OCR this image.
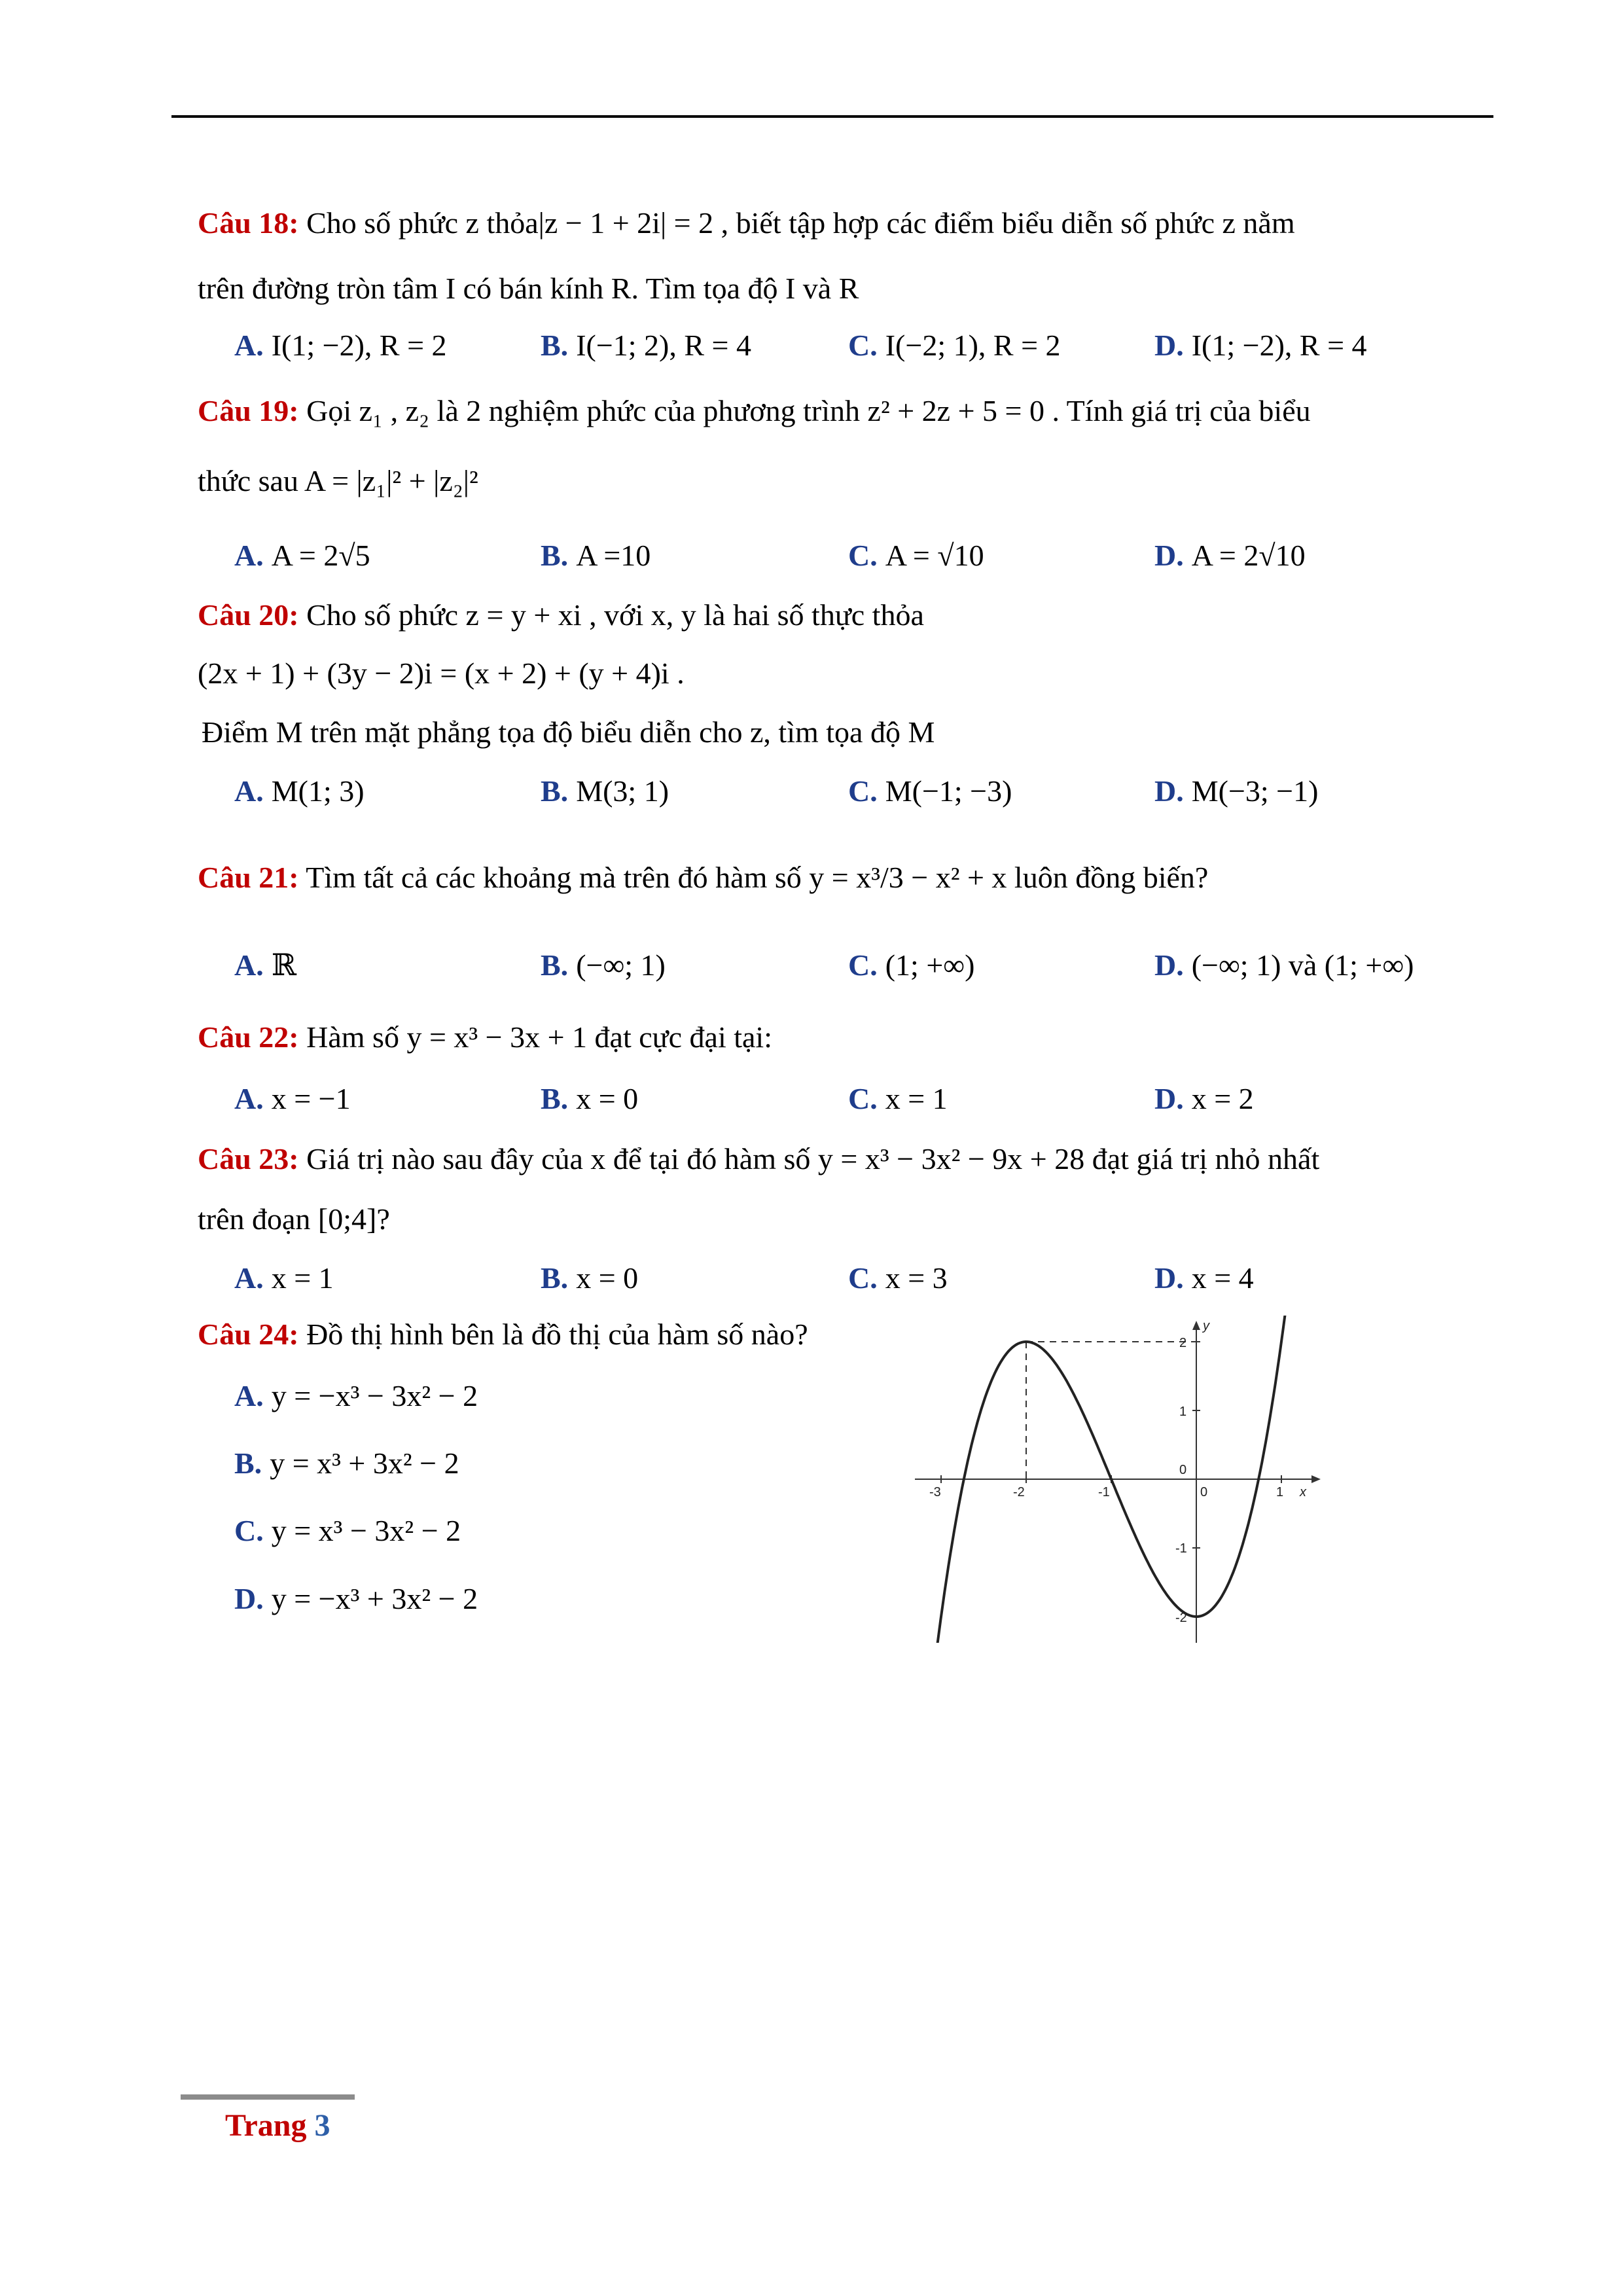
Câu 18: Cho số phức z thỏa|z − 1 + 2i| = 2 , biết tập hợp các điểm biểu diễn số phức z nằm
trên đường tròn tâm I có bán kính R. Tìm tọa độ I và R
A. I(1; −2), R = 2	B. I(−1; 2), R = 4	C. I(−2; 1), R = 2	D. I(1; −2), R = 4
Câu 19: Gọi z₁ , z₂ là 2 nghiệm phức của phương trình z² + 2z + 5 = 0 . Tính giá trị của biểu
thức sau A = |z₁|² + |z₂|²
A. A = 2√5	B. A =10	C. A = √10	D. A = 2√10
Câu 20: Cho số phức z = y + xi , với x, y là hai số thực thỏa
(2x + 1) + (3y − 2)i = (x + 2) + (y + 4)i .
Điểm M trên mặt phẳng tọa độ biểu diễn cho z, tìm tọa độ M
A. M(1; 3)	B. M(3; 1)	C. M(−1; −3)	D. M(−3; −1)
Câu 21: Tìm tất cả các khoảng mà trên đó hàm số y = x³/3 − x² + x luôn đồng biến?
A. ℝ	B. (−∞; 1)	C. (1; +∞)	D. (−∞; 1) và (1; +∞)
Câu 22: Hàm số y = x³ − 3x + 1 đạt cực đại tại:
A. x = −1	B. x = 0	C. x = 1	D. x = 2
Câu 23: Giá trị nào sau đây của x để tại đó hàm số y = x³ − 3x² − 9x + 28 đạt giá trị nhỏ nhất
trên đoạn [0;4]?
A. x = 1	B. x = 0	C. x = 3	D. x = 4
Câu 24: Đồ thị hình bên là đồ thị của hàm số nào?
A. y = −x³ − 3x² − 2
B. y = x³ + 3x² − 2
C. y = x³ − 3x² − 2
D. y = −x³ + 3x² − 2
-3	-2	-1	0	1
2
1
0
-1
-2
x
y
Trang 3
